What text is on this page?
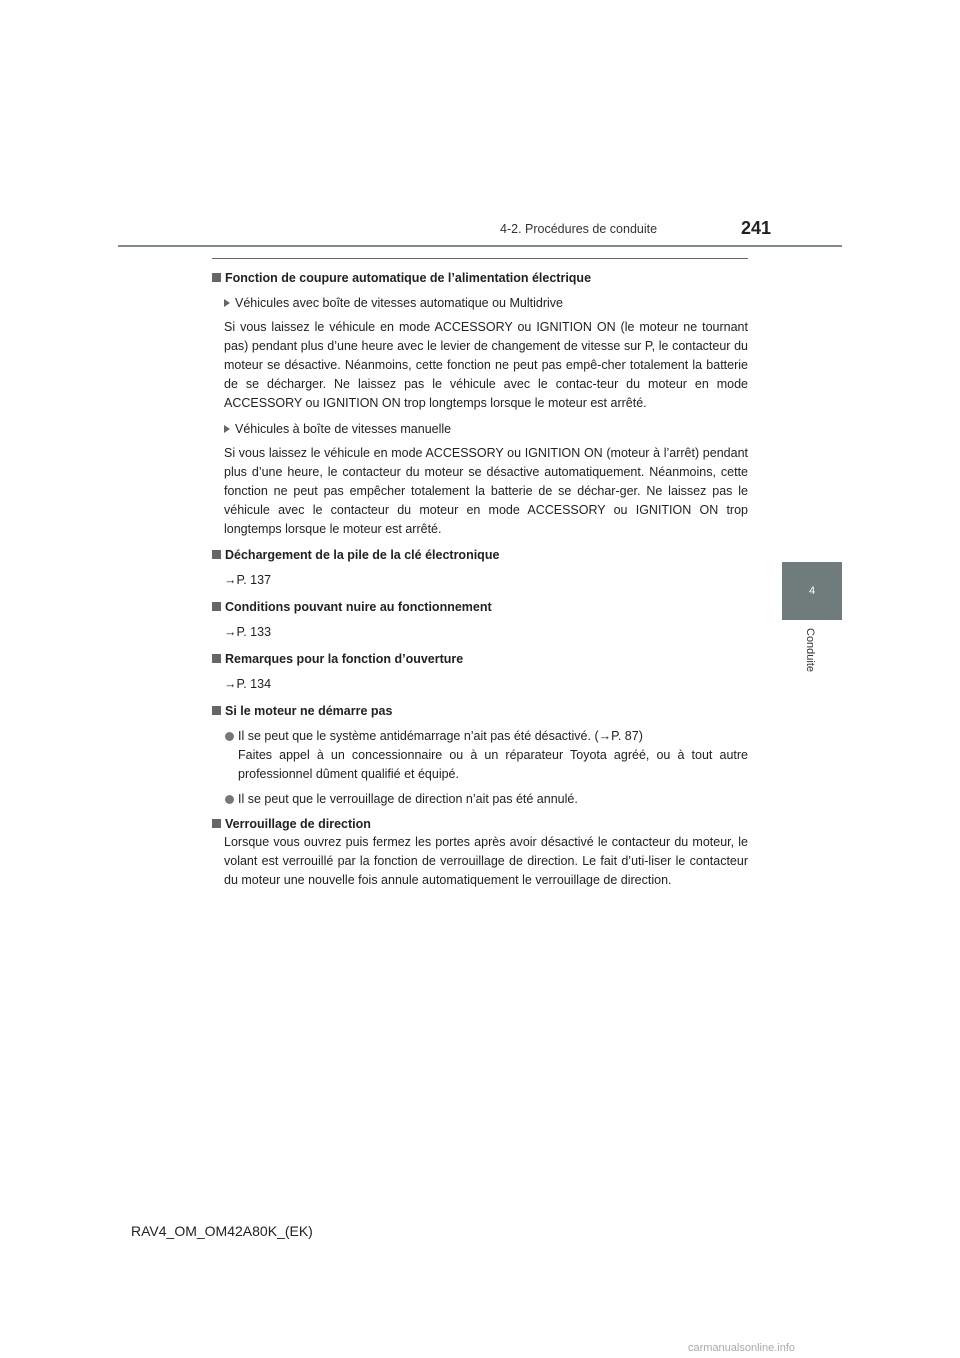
4-2. Procédures de conduite	241
4
Conduite
Fonction de coupure automatique de l’alimentation électrique
Véhicules avec boîte de vitesses automatique ou Multidrive
Si vous laissez le véhicule en mode ACCESSORY ou IGNITION ON (le moteur ne tournant pas) pendant plus d’une heure avec le levier de changement de vitesse sur P, le contacteur du moteur se désactive. Néanmoins, cette fonction ne peut pas empê-cher totalement la batterie de se décharger. Ne laissez pas le véhicule avec le contac-teur du moteur en mode ACCESSORY ou IGNITION ON trop longtemps lorsque le moteur est arrêté.
Véhicules à boîte de vitesses manuelle
Si vous laissez le véhicule en mode ACCESSORY ou IGNITION ON (moteur à l’arrêt) pendant plus d’une heure, le contacteur du moteur se désactive automatiquement. Néanmoins, cette fonction ne peut pas empêcher totalement la batterie de se déchar-ger. Ne laissez pas le véhicule avec le contacteur du moteur en mode ACCESSORY ou IGNITION ON trop longtemps lorsque le moteur est arrêté.
Déchargement de la pile de la clé électronique
→P. 137
Conditions pouvant nuire au fonctionnement
→P. 133
Remarques pour la fonction d’ouverture
→P. 134
Si le moteur ne démarre pas
Il se peut que le système antidémarrage n’ait pas été désactivé. (→P. 87)
Faites appel à un concessionnaire ou à un réparateur Toyota agréé, ou à tout autre professionnel dûment qualifié et équipé.
Il se peut que le verrouillage de direction n’ait pas été annulé.
Verrouillage de direction
Lorsque vous ouvrez puis fermez les portes après avoir désactivé le contacteur du moteur, le volant est verrouillé par la fonction de verrouillage de direction. Le fait d’uti-liser le contacteur du moteur une nouvelle fois annule automatiquement le verrouillage de direction.
RAV4_OM_OM42A80K_(EK)
carmanualsonline.info
